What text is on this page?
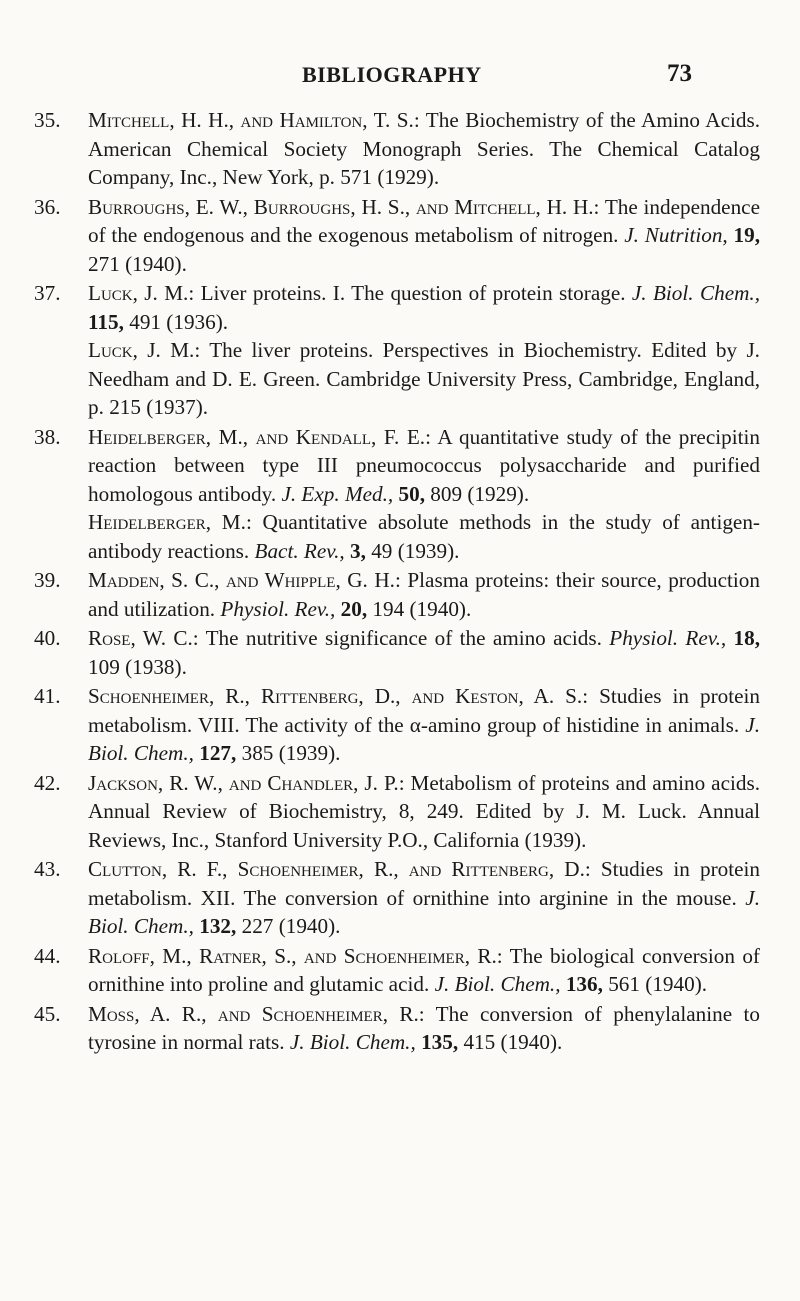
BIBLIOGRAPHY	73
35.	Mitchell, H. H., and Hamilton, T. S.: The Biochemistry of the Amino Acids. American Chemical Society Monograph Series. The Chemical Catalog Company, Inc., New York, p. 571 (1929).
36.	Burroughs, E. W., Burroughs, H. S., and Mitchell, H. H.: The independence of the endogenous and the exogenous metabolism of nitrogen. J. Nutrition, 19, 271 (1940).
37.	Luck, J. M.: Liver proteins. I. The question of protein storage. J. Biol. Chem., 115, 491 (1936).
Luck, J. M.: The liver proteins. Perspectives in Biochemistry. Edited by J. Needham and D. E. Green. Cambridge University Press, Cambridge, England, p. 215 (1937).
38.	Heidelberger, M., and Kendall, F. E.: A quantitative study of the precipitin reaction between type III pneumococcus polysaccharide and purified homologous antibody. J. Exp. Med., 50, 809 (1929).
Heidelberger, M.: Quantitative absolute methods in the study of antigen-antibody reactions. Bact. Rev., 3, 49 (1939).
39.	Madden, S. C., and Whipple, G. H.: Plasma proteins: their source, production and utilization. Physiol. Rev., 20, 194 (1940).
40.	Rose, W. C.: The nutritive significance of the amino acids. Physiol. Rev., 18, 109 (1938).
41.	Schoenheimer, R., Rittenberg, D., and Keston, A. S.: Studies in protein metabolism. VIII. The activity of the α-amino group of histidine in animals. J. Biol. Chem., 127, 385 (1939).
42.	Jackson, R. W., and Chandler, J. P.: Metabolism of proteins and amino acids. Annual Review of Biochemistry, 8, 249. Edited by J. M. Luck. Annual Reviews, Inc., Stanford University P.O., California (1939).
43.	Clutton, R. F., Schoenheimer, R., and Rittenberg, D.: Studies in protein metabolism. XII. The conversion of ornithine into arginine in the mouse. J. Biol. Chem., 132, 227 (1940).
44.	Roloff, M., Ratner, S., and Schoenheimer, R.: The biological conversion of ornithine into proline and glutamic acid. J. Biol. Chem., 136, 561 (1940).
45.	Moss, A. R., and Schoenheimer, R.: The conversion of phenylalanine to tyrosine in normal rats. J. Biol. Chem., 135, 415 (1940).
